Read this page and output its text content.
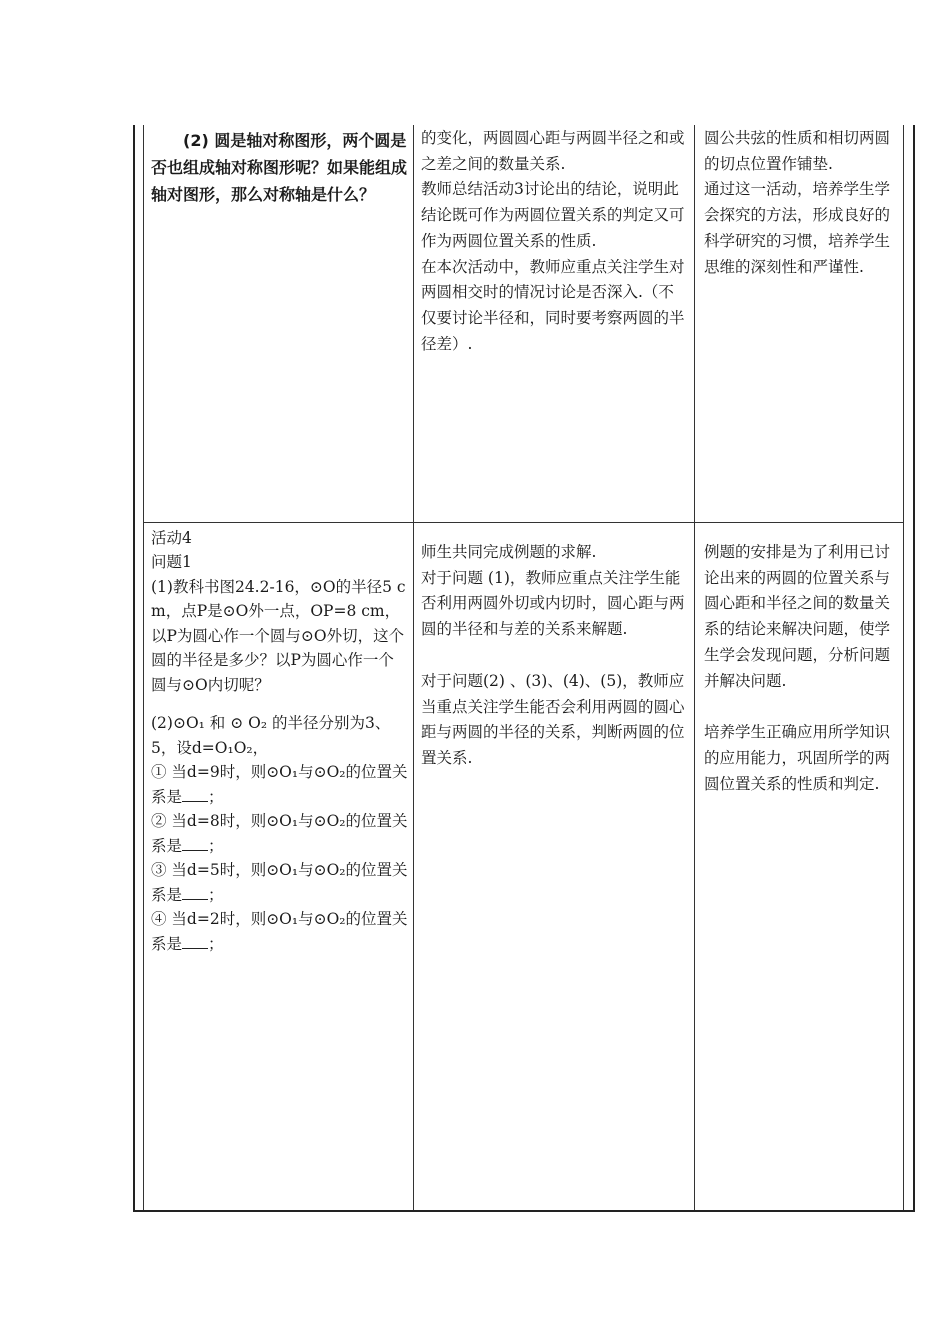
(2) 圆是轴对称图形，两个圆是否也组成轴对称图形呢？如果能组成轴对图形，那么对称轴是什么？

的变化，两圆圆心距与两圆半径之和或之差之间的数量关系.

教师总结活动3讨论出的结论，说明此结论既可作为两圆位置关系的判定又可作为两圆位置关系的性质.

在本次活动中，教师应重点关注学生对两圆相交时的情况讨论是否深入.（不仅要讨论半径和，同时要考察两圆的半径差）.

圆公共弦的性质和相切两圆的切点位置作铺垫.

通过这一活动，培养学生学会探究的方法，形成良好的科学研究的习惯，培养学生思维的深刻性和严谨性.

活动4

问题1

(1)教科书图24.2-16，⊙O的半径5 cm，点P是⊙O外一点，OP=8 cm，以P为圆心作一个圆与⊙O外切，这个圆的半径是多少？以P为圆心作一个圆与⊙O内切呢？

(2)⊙O₁ 和 ⊙ O₂ 的半径分别为3、5，设d=O₁O₂，

① 当d=9时，则⊙O₁与⊙O₂的位置关系是 ；

② 当d=8时，则⊙O₁与⊙O₂的位置关系是 ；

③ 当d=5时，则⊙O₁与⊙O₂的位置关系是 ；

④ 当d=2时，则⊙O₁与⊙O₂的位置关系是 ；

师生共同完成例题的求解.

对于问题 (1)，教师应重点关注学生能否利用两圆外切或内切时，圆心距与两圆的半径和与差的关系来解题.

对于问题(2) 、(3)、(4)、(5)，教师应当重点关注学生能否会利用两圆的圆心距与两圆的半径的关系，判断两圆的位置关系.

例题的安排是为了利用已讨论出来的两圆的位置关系与圆心距和半径之间的数量关系的结论来解决问题，使学生学会发现问题，分析问题并解决问题.

培养学生正确应用所学知识的应用能力，巩固所学的两圆位置关系的性质和判定.
